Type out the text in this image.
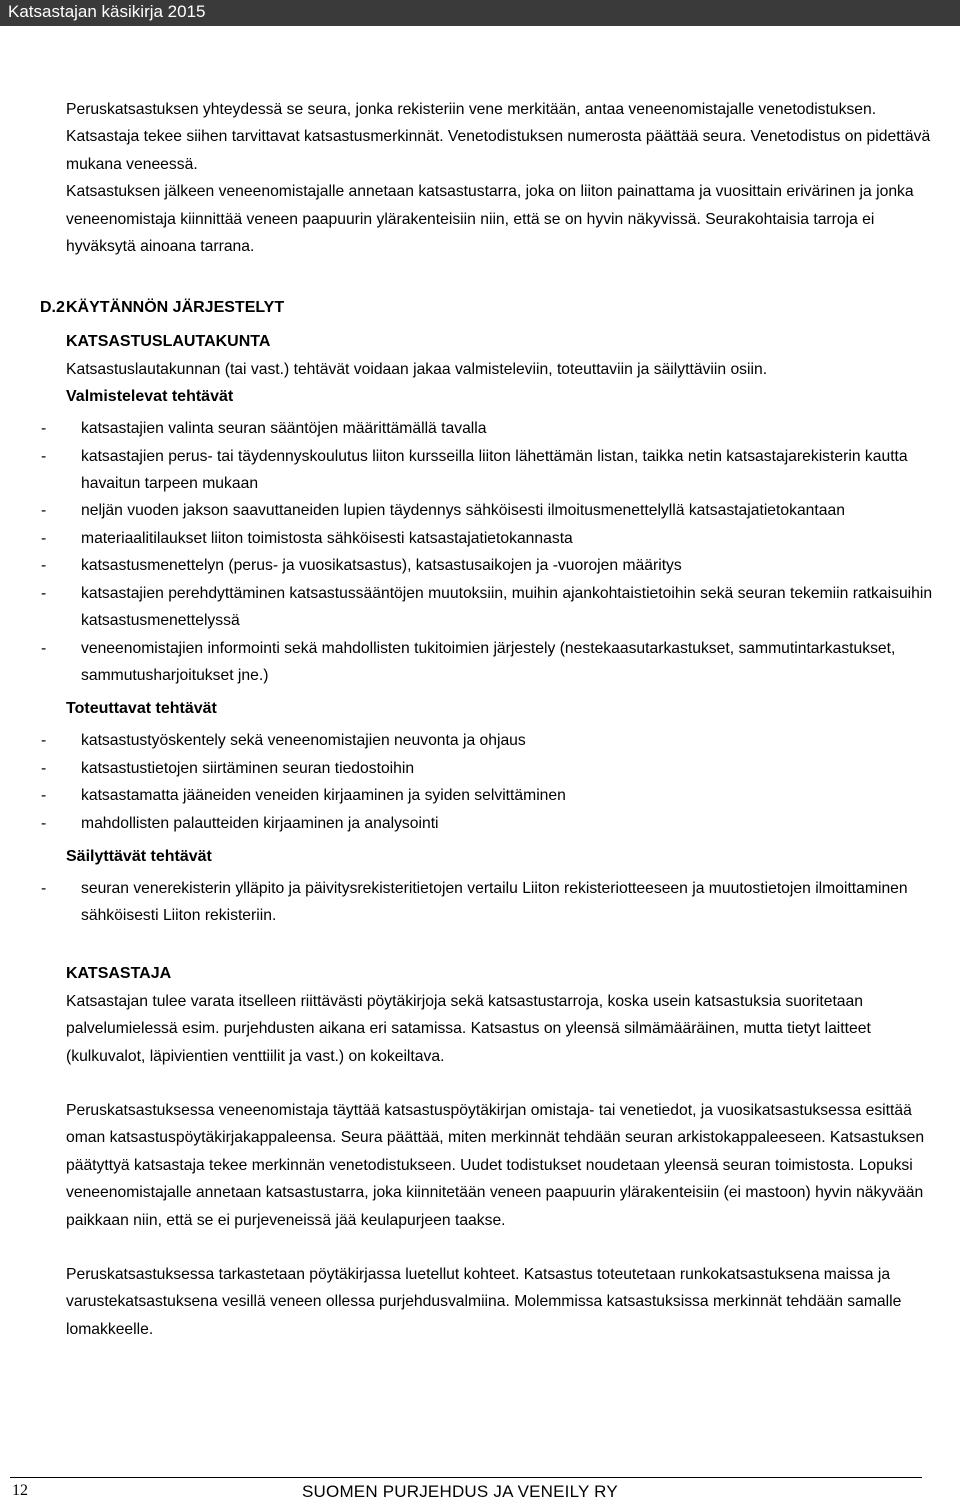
Katsastajan käsikirja 2015

Peruskatsastuksen yhteydessä se seura, jonka rekisteriin vene merkitään, antaa veneenomistajalle venetodistuksen. Katsastaja tekee siihen tarvittavat katsastusmerkinnät. Venetodistuksen numerosta päättää seura. Venetodistus on pidettävä mukana veneessä.

Katsastuksen jälkeen veneenomistajalle annetaan katsastustarra, joka on liiton painattama ja vuosittain erivärinen ja jonka veneenomistaja kiinnittää veneen paapuurin ylärakenteisiin niin, että se on hyvin näkyvissä. Seurakohtaisia tarroja ei hyväksytä ainoana tarrana.

D.2 KÄYTÄNNÖN JÄRJESTELYT
KATSASTUSLAUTAKUNTA

Katsastuslautakunnan (tai vast.) tehtävät voidaan jakaa valmisteleviin, toteuttaviin ja säilyttäviin osiin.

Valmistelevat tehtävät
- katsastajien valinta seuran sääntöjen määrittämällä tavalla
- katsastajien perus- tai täydennyskoulutus liiton kursseilla liiton lähettämän listan, taikka netin katsastajarekisterin kautta havaitun tarpeen mukaan
- neljän vuoden jakson saavuttaneiden lupien täydennys sähköisesti ilmoitusmenettelyllä katsastajatietokantaan
- materiaalitilaukset liiton toimistosta sähköisesti katsastajatietokannasta
- katsastusmenettelyn (perus- ja vuosikatsastus), katsastusaikojen ja -vuorojen määritys
- katsastajien perehdyttäminen katsastussääntöjen muutoksiin, muihin ajankohtaistietoihin sekä seuran tekemiin ratkaisuihin katsastusmenettelyssä
- veneenomistajien informointi sekä mahdollisten tukitoimien järjestely (nestekaasutarkastukset, sammutintarkastukset, sammutusharjoitukset jne.)
Toteuttavat tehtävät
- katsastustyöskentely sekä veneenomistajien neuvonta ja ohjaus
- katsastustietojen siirtäminen seuran tiedostoihin
- katsastamatta jääneiden veneiden kirjaaminen ja syiden selvittäminen
- mahdollisten palautteiden kirjaaminen ja analysointi
Säilyttävät tehtävät
- seuran venerekisterin ylläpito ja päivitysrekisteritietojen vertailu Liiton rekisteriotteeseen ja muutostietojen ilmoittaminen sähköisesti Liiton rekisteriin.
KATSASTAJA

Katsastajan tulee varata itselleen riittävästi pöytäkirjoja sekä katsastustarroja, koska usein katsastuksia suoritetaan palvelumielessä esim. purjehdusten aikana eri satamissa. Katsastus on yleensä silmämääräinen, mutta tietyt laitteet (kulkuvalot, läpivientien venttiilit ja vast.) on kokeiltava.

Peruskatsastuksessa veneenomistaja täyttää katsastuspöytäkirjan omistaja- tai venetiedot, ja vuosikatsastuksessa esittää oman katsastuspöytäkirjakappaleensa. Seura päättää, miten merkinnät tehdään seuran arkistokappaleeseen. Katsastuksen päätyttyä katsastaja tekee merkinnän venetodistukseen. Uudet todistukset noudetaan yleensä seuran toimistosta. Lopuksi veneenomistajalle annetaan katsastustarra, joka kiinnitetään veneen paapuurin ylärakenteisiin (ei mastoon) hyvin näkyvään paikkaan niin, että se ei purjeveneissä jää keulapurjeen taakse.

Peruskatsastuksessa tarkastetaan pöytäkirjassa luetellut kohteet. Katsastus toteutetaan runkokatsastuksena maissa ja varustekatsastuksena vesillä veneen ollessa purjehdusvalmiina. Molemmissa katsastuksissa merkinnät tehdään samalle lomakkeelle.

12	SUOMEN PURJEHDUS JA VENEILY RY
